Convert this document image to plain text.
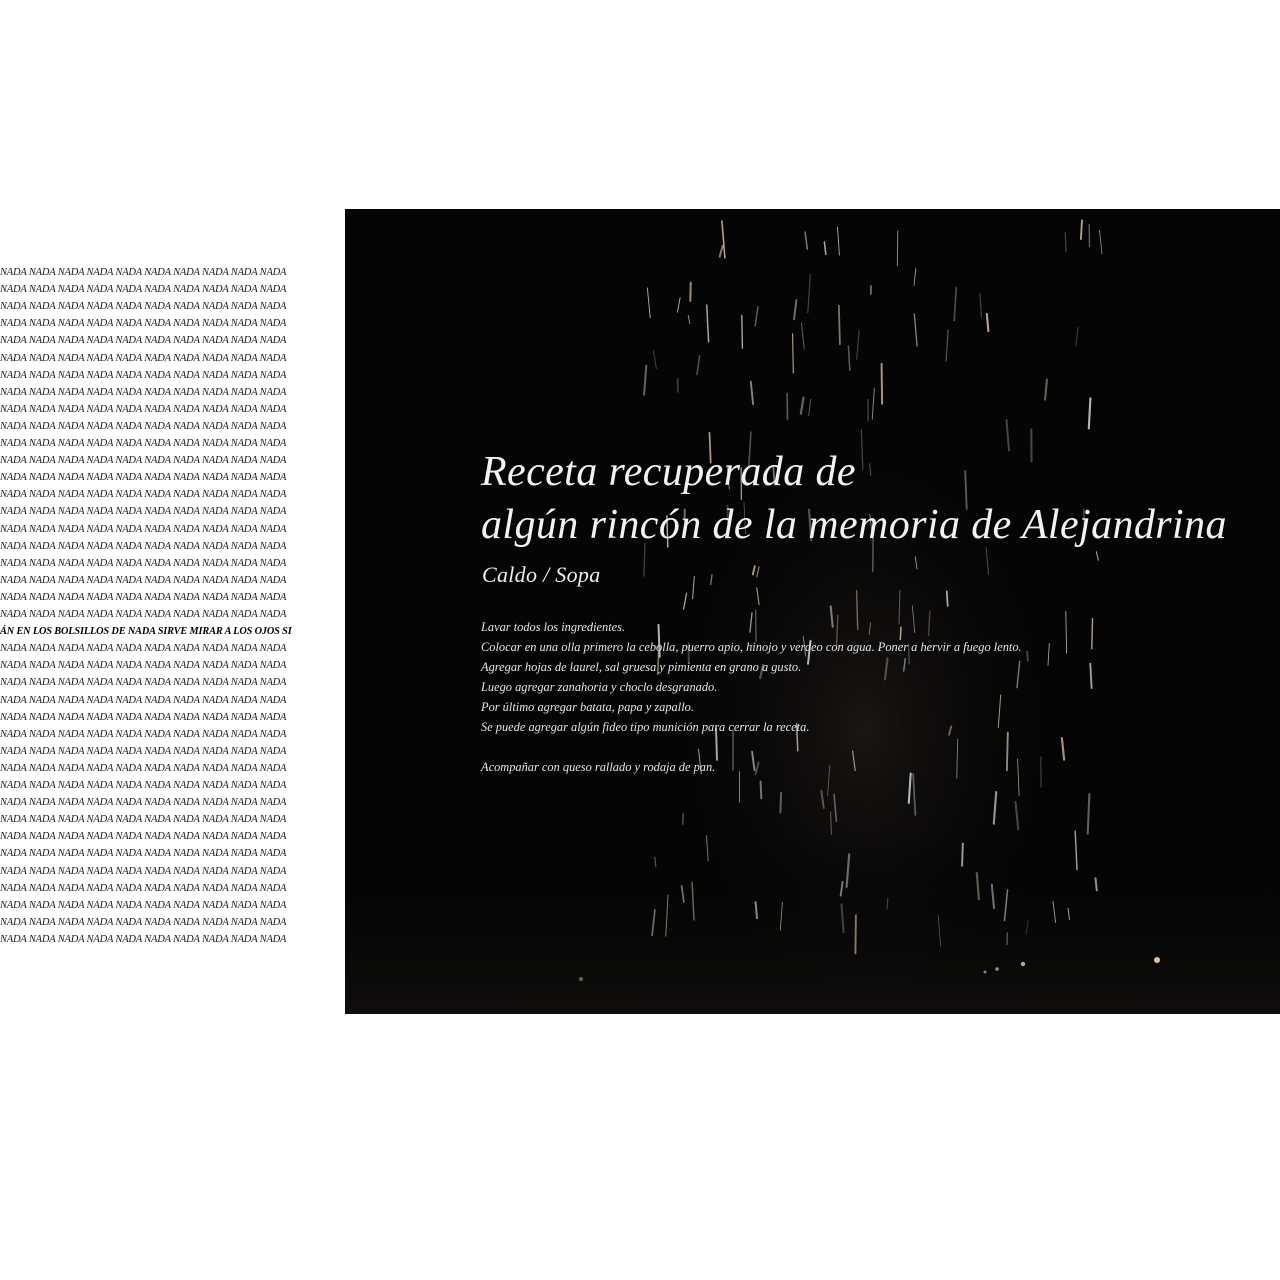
NADA NADA NADA NADA NADA NADA NADA NADA NADA NADA
NADA NADA NADA NADA NADA NADA NADA NADA NADA NADA
NADA NADA NADA NADA NADA NADA NADA NADA NADA NADA
NADA NADA NADA NADA NADA NADA NADA NADA NADA NADA
NADA NADA NADA NADA NADA NADA NADA NADA NADA NADA
NADA NADA NADA NADA NADA NADA NADA NADA NADA NADA
NADA NADA NADA NADA NADA NADA NADA NADA NADA NADA
NADA NADA NADA NADA NADA NADA NADA NADA NADA NADA
NADA NADA NADA NADA NADA NADA NADA NADA NADA NADA
NADA NADA NADA NADA NADA NADA NADA NADA NADA NADA
NADA NADA NADA NADA NADA NADA NADA NADA NADA NADA
NADA NADA NADA NADA NADA NADA NADA NADA NADA NADA
NADA NADA NADA NADA NADA NADA NADA NADA NADA NADA
NADA NADA NADA NADA NADA NADA NADA NADA NADA NADA
NADA NADA NADA NADA NADA NADA NADA NADA NADA NADA
NADA NADA NADA NADA NADA NADA NADA NADA NADA NADA
NADA NADA NADA NADA NADA NADA NADA NADA NADA NADA
NADA NADA NADA NADA NADA NADA NADA NADA NADA NADA
NADA NADA NADA NADA NADA NADA NADA NADA NADA NADA
NADA NADA NADA NADA NADA NADA NADA NADA NADA NADA
NADA NADA NADA NADA NADA NADA NADA NADA NADA NADA
ÁN EN LOS BOLSILLOS DE NADA SIRVE MIRAR A LOS OJOS SI
NADA NADA NADA NADA NADA NADA NADA NADA NADA NADA
NADA NADA NADA NADA NADA NADA NADA NADA NADA NADA
NADA NADA NADA NADA NADA NADA NADA NADA NADA NADA
NADA NADA NADA NADA NADA NADA NADA NADA NADA NADA
NADA NADA NADA NADA NADA NADA NADA NADA NADA NADA
NADA NADA NADA NADA NADA NADA NADA NADA NADA NADA
NADA NADA NADA NADA NADA NADA NADA NADA NADA NADA
NADA NADA NADA NADA NADA NADA NADA NADA NADA NADA
NADA NADA NADA NADA NADA NADA NADA NADA NADA NADA
NADA NADA NADA NADA NADA NADA NADA NADA NADA NADA
NADA NADA NADA NADA NADA NADA NADA NADA NADA NADA
NADA NADA NADA NADA NADA NADA NADA NADA NADA NADA
NADA NADA NADA NADA NADA NADA NADA NADA NADA NADA
NADA NADA NADA NADA NADA NADA NADA NADA NADA NADA
NADA NADA NADA NADA NADA NADA NADA NADA NADA NADA
NADA NADA NADA NADA NADA NADA NADA NADA NADA NADA
NADA NADA NADA NADA NADA NADA NADA NADA NADA NADA
NADA NADA NADA NADA NADA NADA NADA NADA NADA NADA
Receta recuperada de
algún rincón de la memoria de Alejandrina
Caldo / Sopa
Lavar todos los ingredientes.
Colocar en una olla primero la cebolla, puerro apio, hinojo y verdeo con agua. Poner a hervir a fuego lento.
Agregar hojas de laurel, sal gruesa y pimienta en grano a gusto.
Luego agregar zanahoria y choclo desgranado.
Por último agregar batata, papa y zapallo.
Se puede agregar algún fideo tipo munición para cerrar la receta.

Acompañar con queso rallado y rodaja de pan.
